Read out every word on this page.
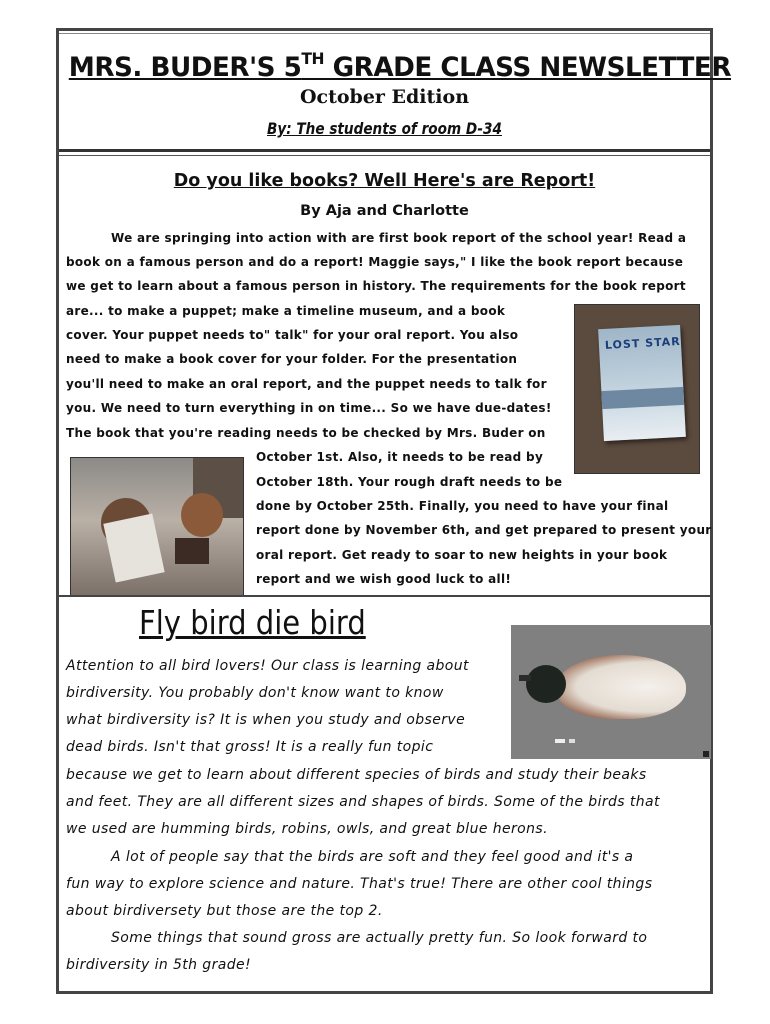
MRS. BUDER'S 5TH GRADE CLASS NEWSLETTER
October Edition
By: The students of room D-34
Do you like books? Well Here's are Report!
By Aja and Charlotte
We are springing into action with are first book report of the school year! Read a
book on a famous person and do a report! Maggie says," I like the book report because
we get to learn about a famous person in history. The requirements for the book report
are... to make a puppet; make a timeline museum, and a book
cover. Your puppet needs to" talk" for your oral report. You also
need to make a book cover for your folder. For the presentation
you'll need to make an oral report, and the puppet needs to talk for
you. We need to turn everything in on time... So we have due-dates!
The book that you're reading needs to be checked by Mrs. Buder on
October 1st. Also, it needs to be read by
October 18th. Your rough draft needs to be
done by October 25th. Finally, you need to have your final
report done by November 6th, and get prepared to present your
oral report. Get ready to soar to new heights in your book
report and we wish good luck to all!
LOST STAR
Fly bird die bird
Attention to all bird lovers! Our class is learning about
birdiversity. You probably don't know want to know
what birdiversity is? It is when you study and observe
dead birds. Isn't that gross! It is a really fun topic
because we get to learn about different species of birds and study their beaks
and feet. They are all different sizes and shapes of birds. Some of the birds that
we used are humming birds, robins, owls, and great blue herons.
A lot of people say that the birds are soft and they feel good and it's a
fun way to explore science and nature. That's true! There are other cool things
about birdiversety but those are the top 2.
Some things that sound gross are actually pretty fun. So look forward to
birdiversity in 5th grade!
